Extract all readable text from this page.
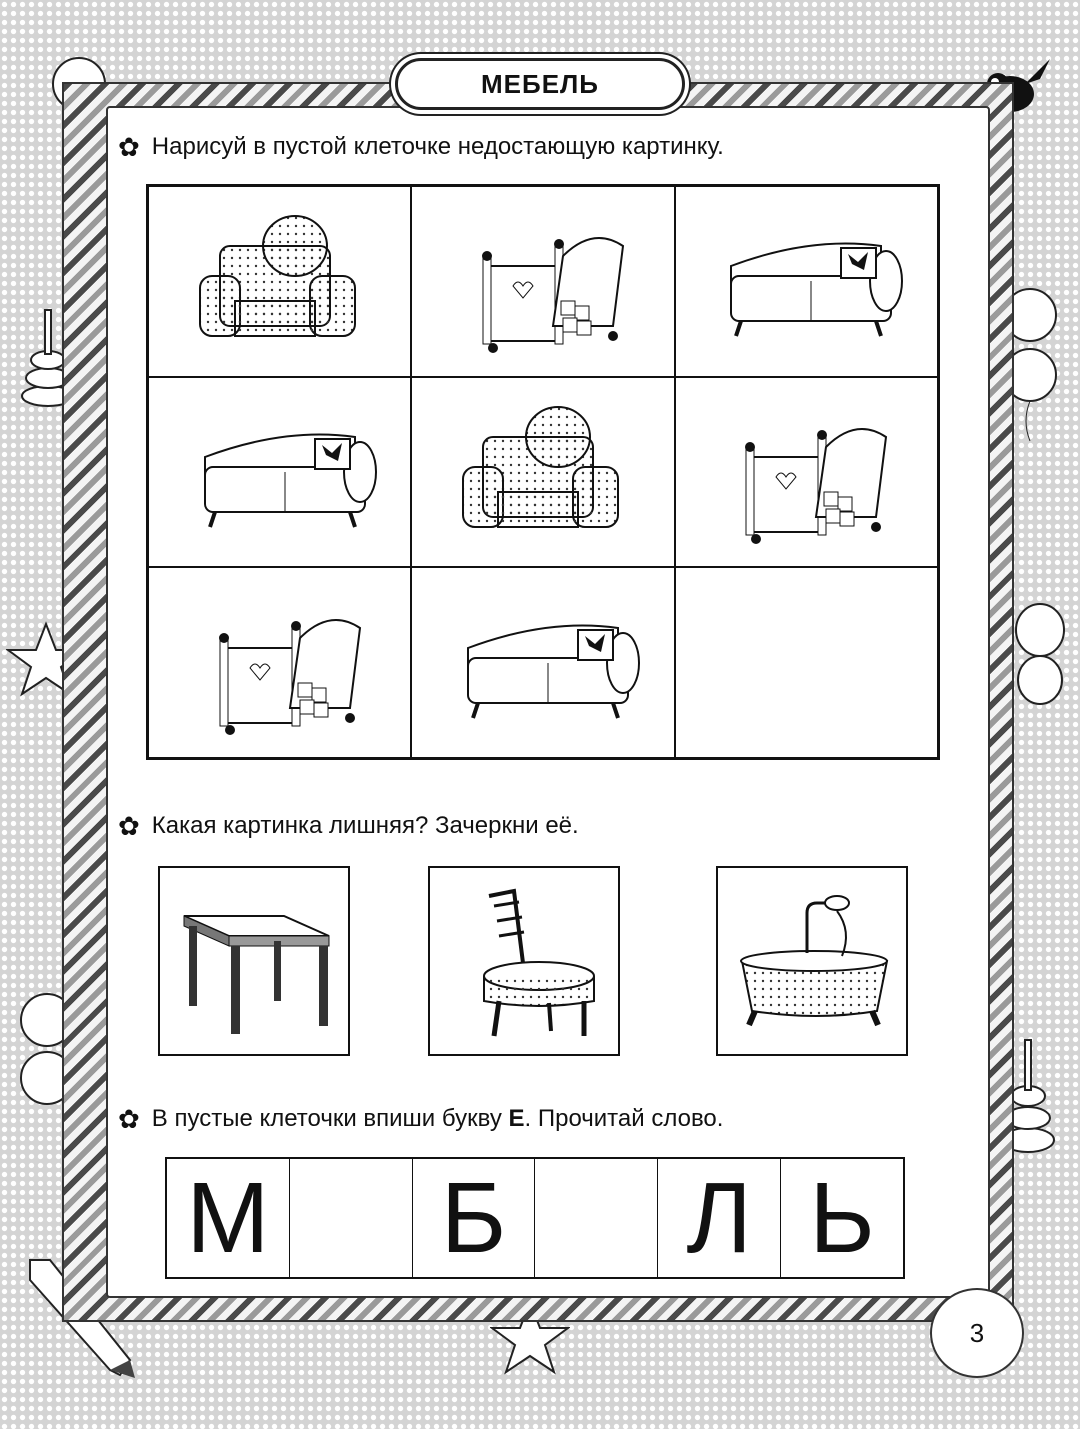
МЕБЕЛЬ
✿ Нарисуй в пустой клеточке недостающую картинку.
✿ Какая картинка лишняя? Зачеркни её.
✿ В пустые клеточки впиши букву Е. Прочитай слово.
М Б Л Ь
3
